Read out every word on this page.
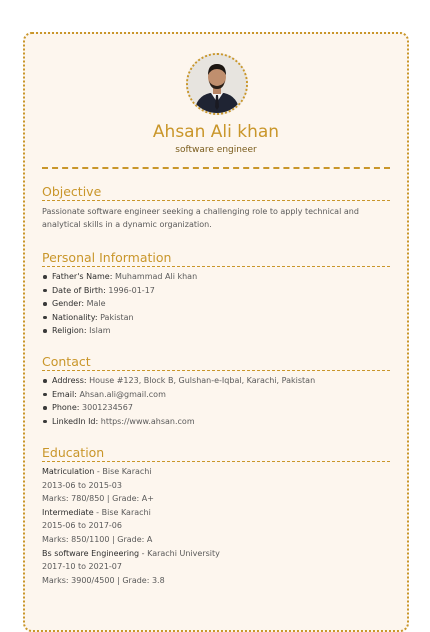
Ahsan Ali khan
software engineer
Objective
Passionate software engineer seeking a challenging role to apply technical and
analytical skills in a dynamic organization.
Personal Information
Father's Name: Muhammad Ali khan
Date of Birth: 1996-01-17
Gender: Male
Nationality: Pakistan
Religion: Islam
Contact
Address: House #123, Block B, Gulshan-e-Iqbal, Karachi, Pakistan
Email: Ahsan.ali@gmail.com
Phone: 3001234567
LinkedIn Id: https://www.ahsan.com
Education
Matriculation - Bise Karachi
2013-06 to 2015-03
Marks: 780/850 | Grade: A+
Intermediate - Bise Karachi
2015-06 to 2017-06
Marks: 850/1100 | Grade: A
Bs software Engineering - Karachi University
2017-10 to 2021-07
Marks: 3900/4500 | Grade: 3.8
